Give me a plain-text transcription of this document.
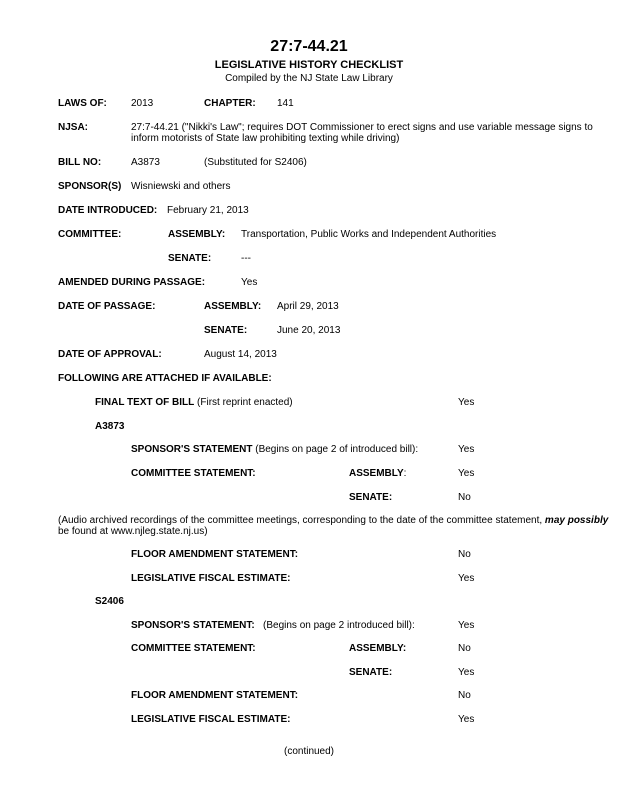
27:7-44.21
LEGISLATIVE HISTORY CHECKLIST
Compiled by the NJ State Law Library
LAWS OF: 2013	CHAPTER: 141
NJSA:	27:7-44.21 ("Nikki's Law"; requires DOT Commissioner to erect signs and use variable message signs to
inform motorists of State law prohibiting texting while driving)
BILL NO:	A3873	(Substituted for S2406)
SPONSOR(S) Wisniewski and others
DATE INTRODUCED: February 21, 2013
COMMITTEE:	ASSEMBLY: Transportation, Public Works and Independent Authorities
SENATE:	---
AMENDED DURING PASSAGE:	Yes
DATE OF PASSAGE:	ASSEMBLY: April 29, 2013
SENATE:	June 20, 2013
DATE OF APPROVAL:	August 14, 2013
FOLLOWING ARE ATTACHED IF AVAILABLE:
FINAL TEXT OF BILL (First reprint enacted)	Yes
A3873
SPONSOR'S STATEMENT (Begins on page 2 of introduced bill):	Yes
COMMITTEE STATEMENT:	ASSEMBLY:	Yes
SENATE:	No
(Audio archived recordings of the committee meetings, corresponding to the date of the committee statement, may possibly
be found at www.njleg.state.nj.us)
FLOOR AMENDMENT STATEMENT:	No
LEGISLATIVE FISCAL ESTIMATE:	Yes
S2406
SPONSOR'S STATEMENT:   (Begins on page 2 introduced bill):	Yes
COMMITTEE STATEMENT:	ASSEMBLY:	No
SENATE:	Yes
FLOOR AMENDMENT STATEMENT:	No
LEGISLATIVE FISCAL ESTIMATE:	Yes
(continued)
